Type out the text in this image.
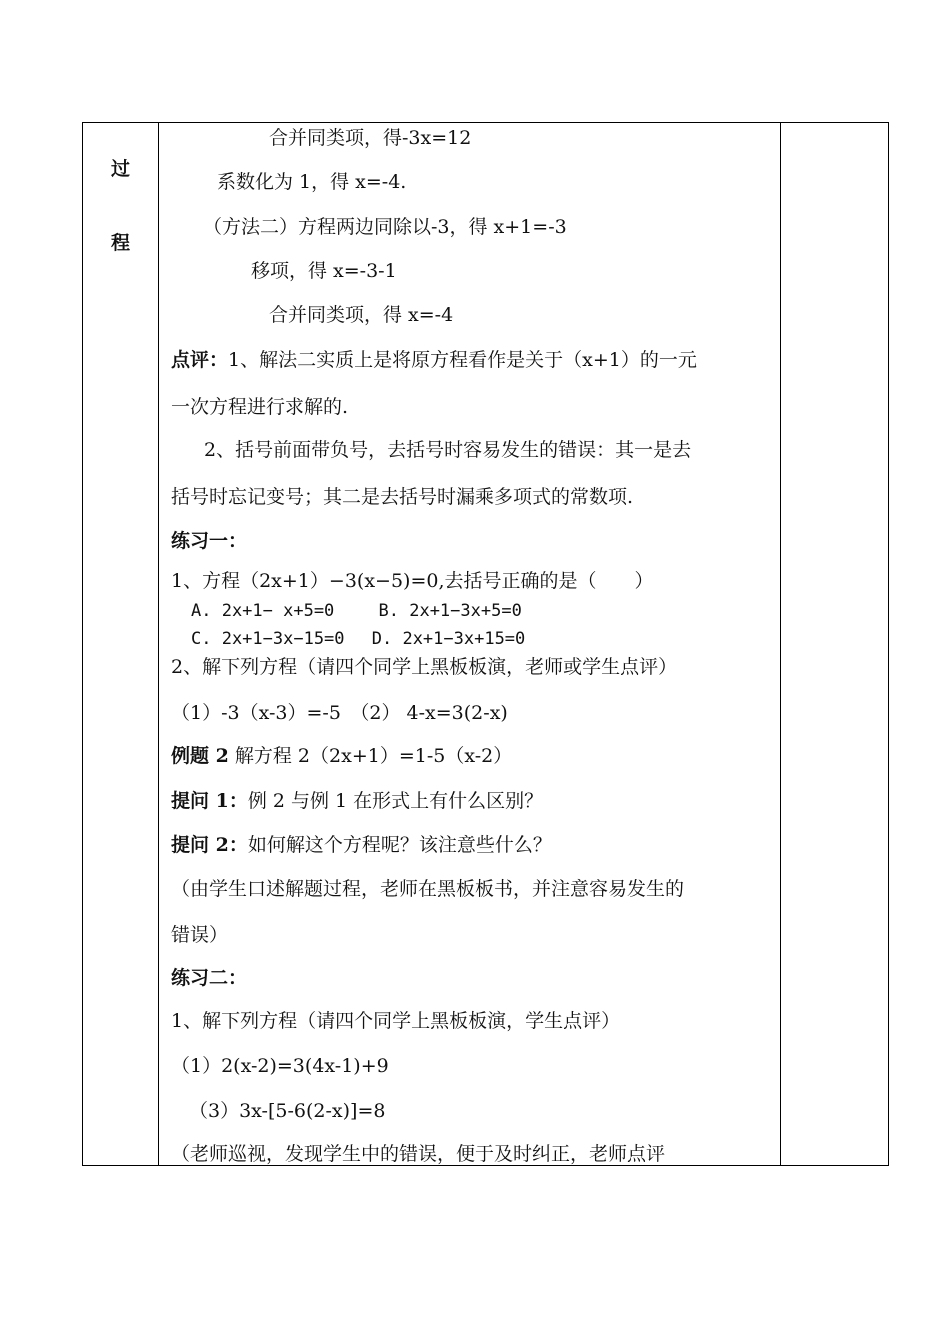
过
程
合并同类项，得-3x=12
系数化为 1，得 x=-4.
（方法二）方程两边同除以-3，得 x+1=-3
移项，得 x=-3-1
合并同类项，得 x=-4
点评：1、解法二实质上是将原方程看作是关于（x+1）的一元
一次方程进行求解的.
2、括号前面带负号，去括号时容易发生的错误：其一是去
括号时忘记变号；其二是去括号时漏乘多项式的常数项.
练习一：
1、方程（2x+1）−3(x−5)=0,去括号正确的是（　　）
A. 2x+1− x+5=0　　 B. 2x+1−3x+5=0
C. 2x+1−3x−15=0　 D. 2x+1−3x+15=0
2、解下列方程（请四个同学上黑板板演，老师或学生点评）
（1）-3（x-3）=-5　（2） 4-x=3(2-x)
例题 2 解方程 2（2x+1）=1-5（x-2）
提问 1：例 2 与例 1 在形式上有什么区别？
提问 2：如何解这个方程呢？该注意些什么？
（由学生口述解题过程，老师在黑板板书，并注意容易发生的
错误）
练习二：
1、解下列方程（请四个同学上黑板板演，学生点评）
（1）2(x-2)=3(4x-1)+9
（3）3x-[5-6(2-x)]=8
（老师巡视，发现学生中的错误，便于及时纠正，老师点评
